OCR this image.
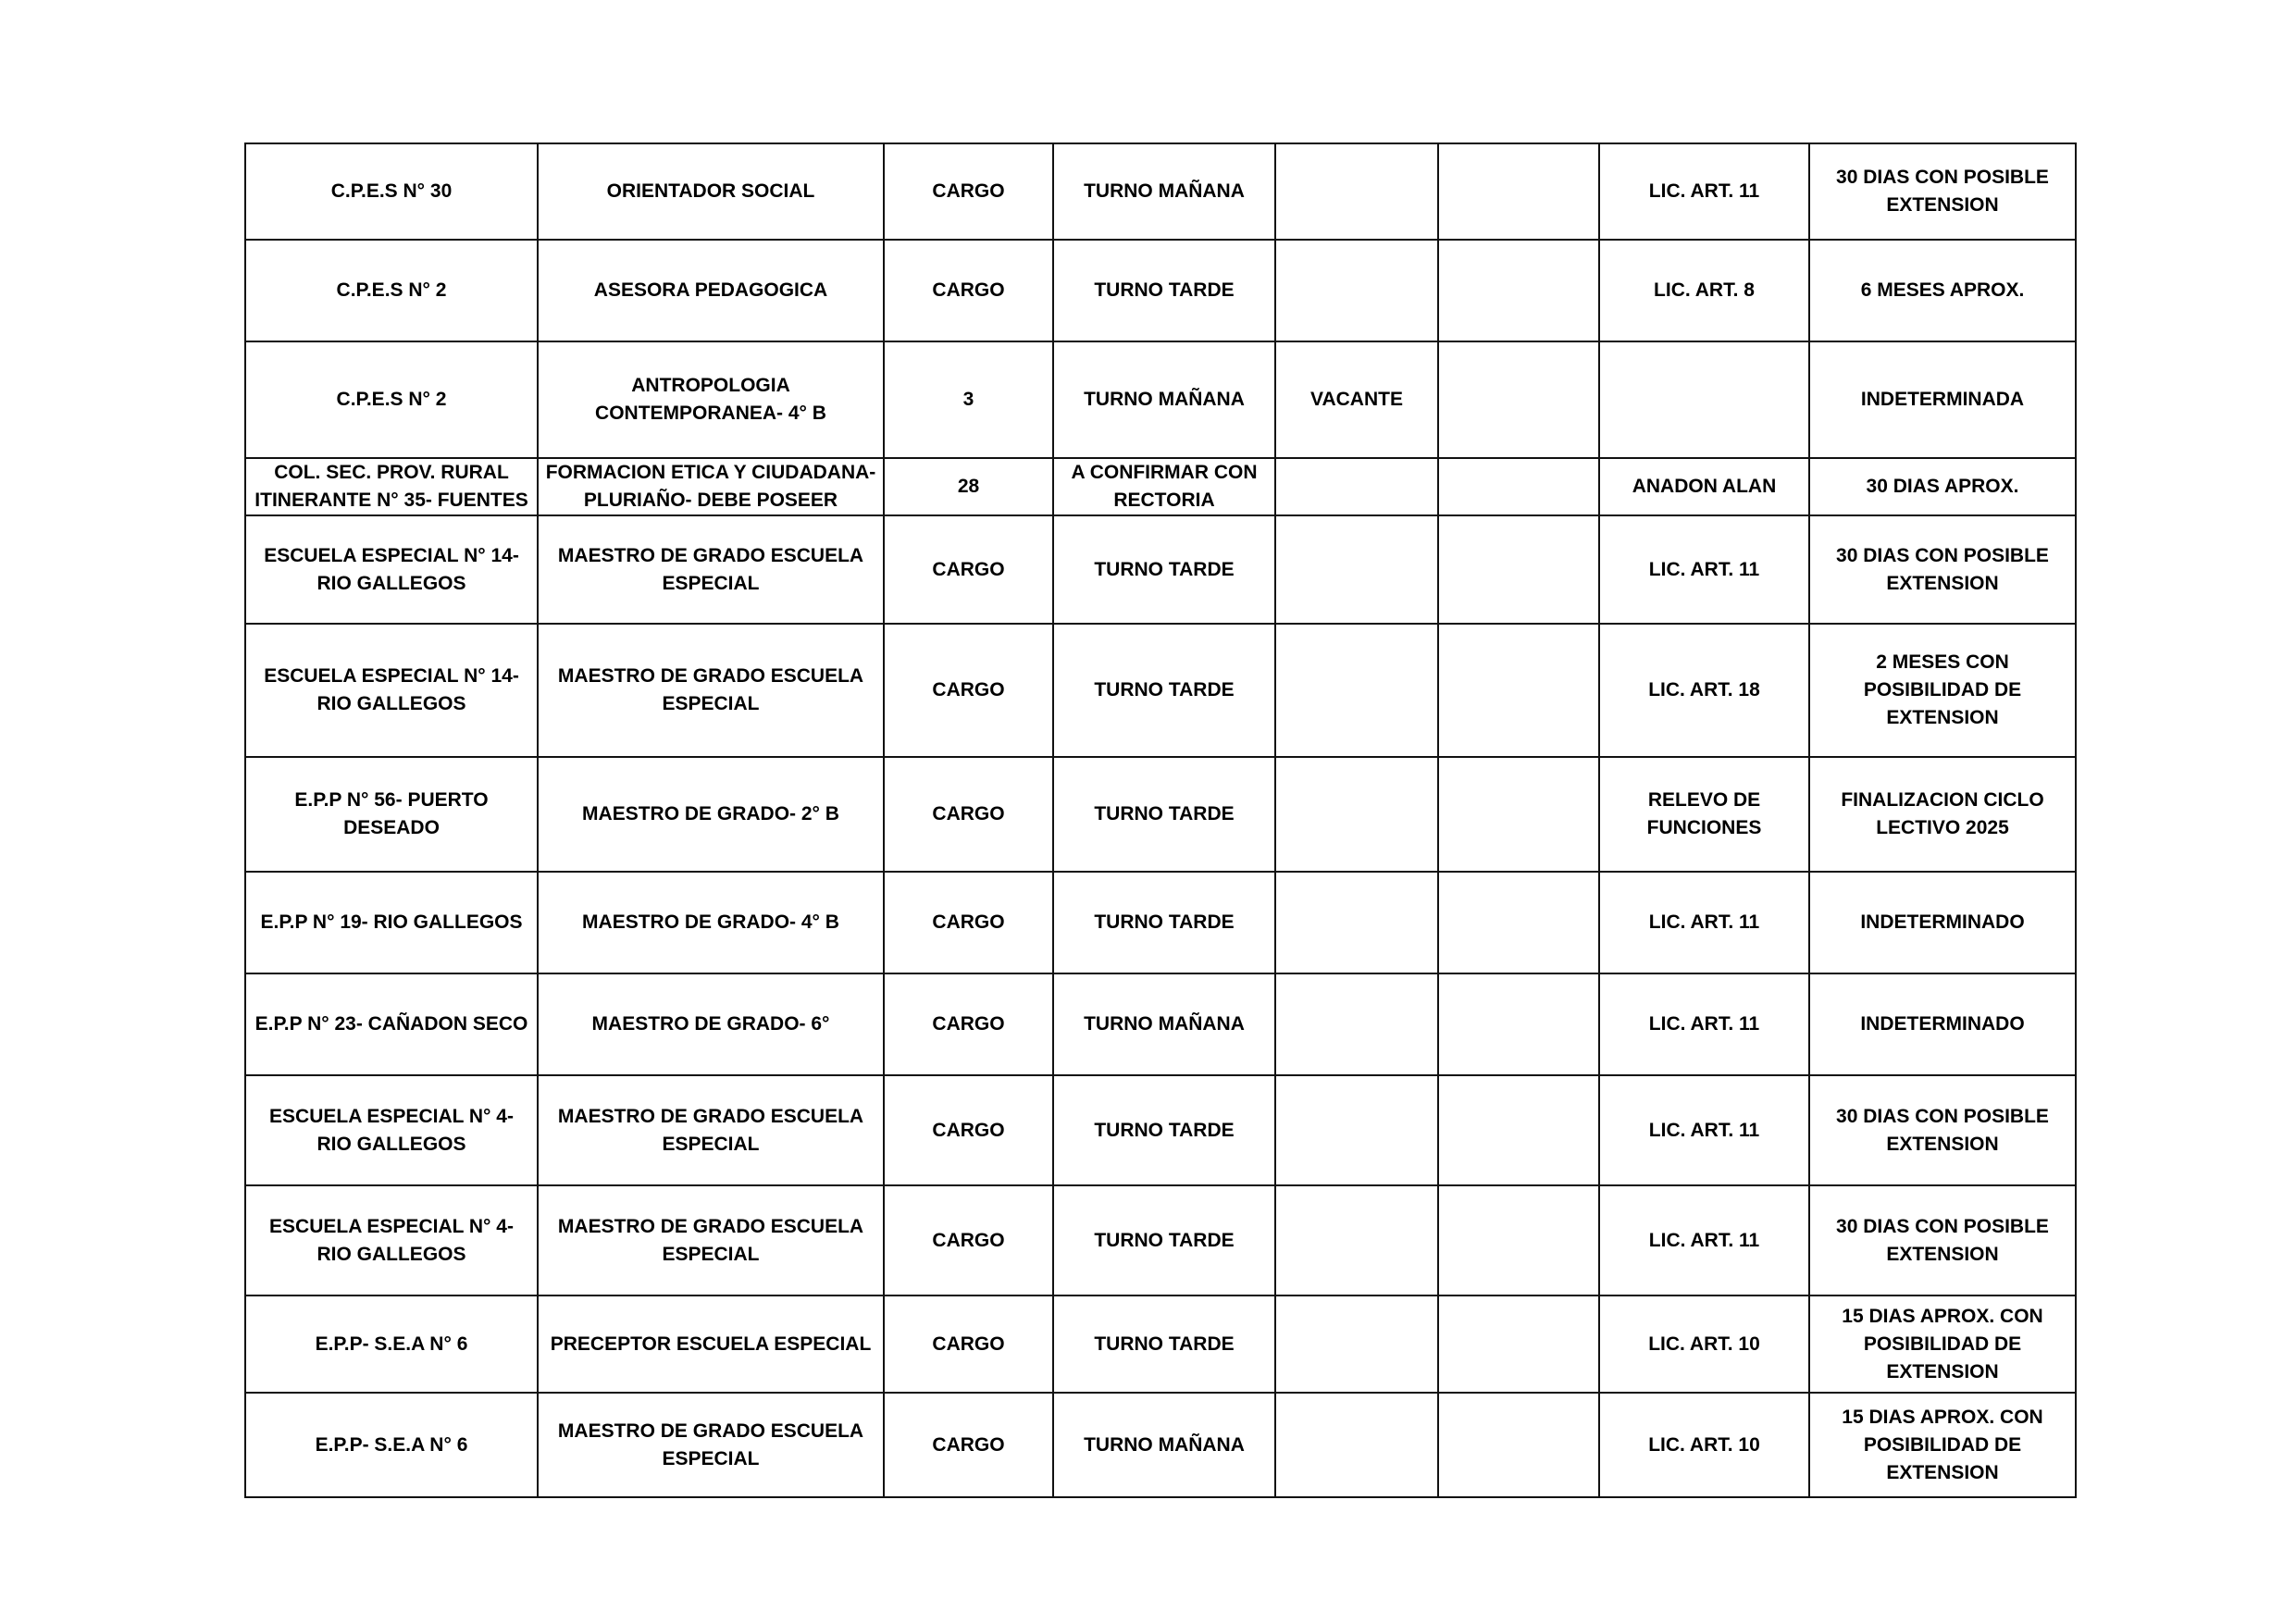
C.P.E.S N° 30	ORIENTADOR SOCIAL	CARGO	TURNO MAÑANA			LIC. ART. 11	30 DIAS CON POSIBLE EXTENSION
C.P.E.S N° 2	ASESORA PEDAGOGICA	CARGO	TURNO TARDE			LIC. ART. 8	6 MESES APROX.
C.P.E.S N° 2	ANTROPOLOGIA CONTEMPORANEA- 4° B	3	TURNO MAÑANA	VACANTE			INDETERMINADA
COL. SEC. PROV. RURAL ITINERANTE N° 35- FUENTES	FORMACION ETICA Y CIUDADANA- PLURIAÑO- DEBE POSEER	28	A CONFIRMAR CON RECTORIA			ANADON ALAN	30 DIAS APROX.
ESCUELA ESPECIAL N° 14- RIO GALLEGOS	MAESTRO DE GRADO ESCUELA ESPECIAL	CARGO	TURNO TARDE			LIC. ART. 11	30 DIAS CON POSIBLE EXTENSION
ESCUELA ESPECIAL N° 14- RIO GALLEGOS	MAESTRO DE GRADO ESCUELA ESPECIAL	CARGO	TURNO TARDE			LIC. ART. 18	2 MESES CON POSIBILIDAD DE EXTENSION
E.P.P N° 56- PUERTO DESEADO	MAESTRO DE GRADO- 2° B	CARGO	TURNO TARDE			RELEVO DE FUNCIONES	FINALIZACION CICLO LECTIVO 2025
E.P.P N° 19- RIO GALLEGOS	MAESTRO DE GRADO- 4° B	CARGO	TURNO TARDE			LIC. ART. 11	INDETERMINADO
E.P.P N° 23- CAÑADON SECO	MAESTRO DE GRADO- 6°	CARGO	TURNO MAÑANA			LIC. ART. 11	INDETERMINADO
ESCUELA ESPECIAL N° 4- RIO GALLEGOS	MAESTRO DE GRADO ESCUELA ESPECIAL	CARGO	TURNO TARDE			LIC. ART. 11	30 DIAS CON POSIBLE EXTENSION
ESCUELA ESPECIAL N° 4- RIO GALLEGOS	MAESTRO DE GRADO ESCUELA ESPECIAL	CARGO	TURNO TARDE			LIC. ART. 11	30 DIAS CON POSIBLE EXTENSION
E.P.P- S.E.A N° 6	PRECEPTOR ESCUELA ESPECIAL	CARGO	TURNO TARDE			LIC. ART. 10	15 DIAS APROX. CON POSIBILIDAD DE EXTENSION
E.P.P- S.E.A N° 6	MAESTRO DE GRADO ESCUELA ESPECIAL	CARGO	TURNO MAÑANA			LIC. ART. 10	15 DIAS APROX. CON POSIBILIDAD DE EXTENSION
